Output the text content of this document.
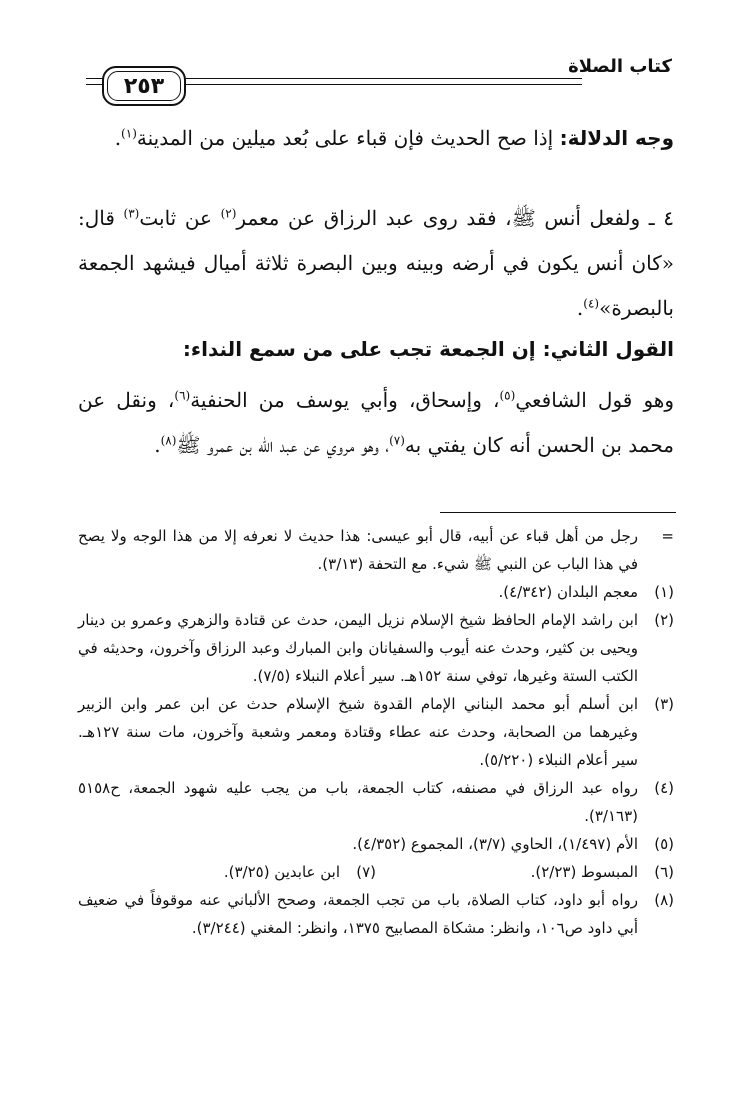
كتاب الصلاة
٢٥٣

وجه الدلالة: إذا صح الحديث فإن قباء على بُعد ميلين من المدينة$^{(١)}$.

٤ ـ ولفعل أنس ﷺ، فقد روى عبد الرزاق عن معمر$^{(٢)}$ عن ثابت$^{(٣)}$ قال: «كان أنس يكون في أرضه وبينه وبين البصرة ثلاثة أميال فيشهد الجمعة بالبصرة»$^{(٤)}$.

القول الثاني: إن الجمعة تجب على من سمع النداء:

وهو قول الشافعي$^{(٥)}$، وإسحاق، وأبي يوسف من الحنفية$^{(٦)}$، ونقل عن محمد بن الحسن أنه كان يفتي به$^{(٧)}$، وهو مروي عن عبد الله بن عمرو ﷺ$^{(٨)}$.

=
رجل من أهل قباء عن أبيه، قال أبو عيسى: هذا حديث لا نعرفه إلا من هذا الوجه ولا يصح في هذا الباب عن النبي ﷺ شيء. مع التحفة (٣/١٣).
(١)
معجم البلدان (٤/٣٤٢).
(٢)
ابن راشد الإمام الحافظ شيخ الإسلام نزيل اليمن، حدث عن قتادة والزهري وعمرو بن دينار ويحيى بن كثير، وحدث عنه أيوب والسفيانان وابن المبارك وعبد الرزاق وآخرون، وحديثه في الكتب الستة وغيرها، توفي سنة ١٥٢هـ. سير أعلام النبلاء (٧/٥).
(٣)
ابن أسلم أبو محمد البناني الإمام القدوة شيخ الإسلام حدث عن ابن عمر وابن الزبير وغيرهما من الصحابة، وحدث عنه عطاء وقتادة ومعمر وشعبة وآخرون، مات سنة ١٢٧هـ. سير أعلام النبلاء (٥/٢٢٠).
(٤)
رواه عبد الرزاق في مصنفه، كتاب الجمعة، باب من يجب عليه شهود الجمعة، ح٥١٥٨ (٣/١٦٣).
(٥)
الأم (١/٤٩٧)، الحاوي (٣/٧)، المجموع (٤/٣٥٢).
(٦)
المبسوط (٢/٢٣).
(٧)
ابن عابدين (٣/٢٥).
(٨)
رواه أبو داود، كتاب الصلاة، باب من تجب الجمعة، وصحح الألباني عنه موقوفاً في ضعيف أبي داود ص١٠٦، وانظر: مشكاة المصابيح ١٣٧٥، وانظر: المغني (٣/٢٤٤).
